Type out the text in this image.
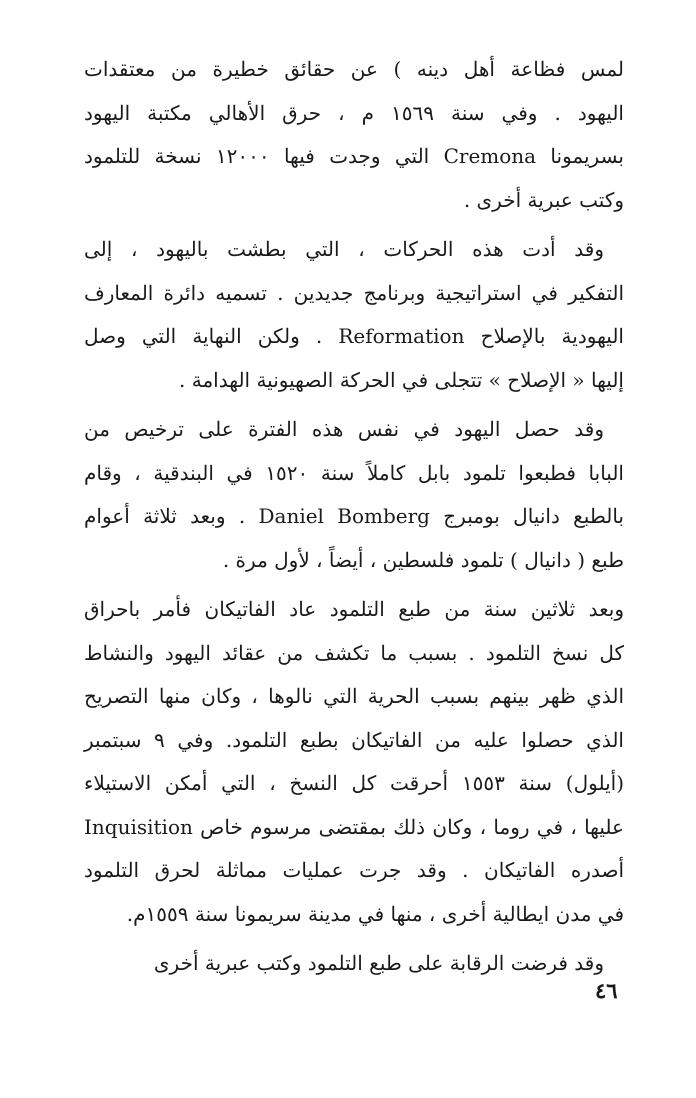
لمس فظاعة أهل دينه ) عن حقائق خطيرة من معتقدات
اليهود . وفي سنة ١٥٦٩ م ، حرق الأهالي مكتبة اليهود
بسريمونا Cremona التي وجدت فيها ١٢٠٠٠ نسخة للتلمود
وكتب عبرية أخرى .
وقد أدت هذه الحركات ، التي بطشت باليهود ، إلى
التفكير في استراتيجية وبرنامج جديدين . تسميه دائرة المعارف
اليهودية بالإصلاح Reformation . ولكن النهاية التي وصل
إليها « الإصلاح » تتجلى في الحركة الصهيونية الهدامة .
وقد حصل اليهود في نفس هذه الفترة على ترخيص من
البابا فطبعوا تلمود بابل كاملاً سنة ١٥٢٠ في البندقية ، وقام
بالطبع دانيال بومبرج Daniel Bomberg . وبعد ثلاثة أعوام
طبع ( دانيال ) تلمود فلسطين ، أيضاً ، لأول مرة .
وبعد ثلاثين سنة من طبع التلمود عاد الفاتيكان فأمر باحراق
كل نسخ التلمود . بسبب ما تكشف من عقائد اليهود والنشاط
الذي ظهر بينهم بسبب الحرية التي نالوها ، وكان منها التصريح
الذي حصلوا عليه من الفاتيكان بطبع التلمود. وفي ٩ سبتمبر
(أيلول) سنة ١٥٥٣ أحرقت كل النسخ ، التي أمكن الاستيلاء
عليها ، في روما ، وكان ذلك بمقتضى مرسوم خاص Inquisition
أصدره الفاتيكان . وقد جرت عمليات مماثلة لحرق التلمود
في مدن ايطالية أخرى ، منها في مدينة سريمونا سنة ١٥٥٩م.
وقد فرضت الرقابة على طبع التلمود وكتب عبرية أخرى
٤٦
